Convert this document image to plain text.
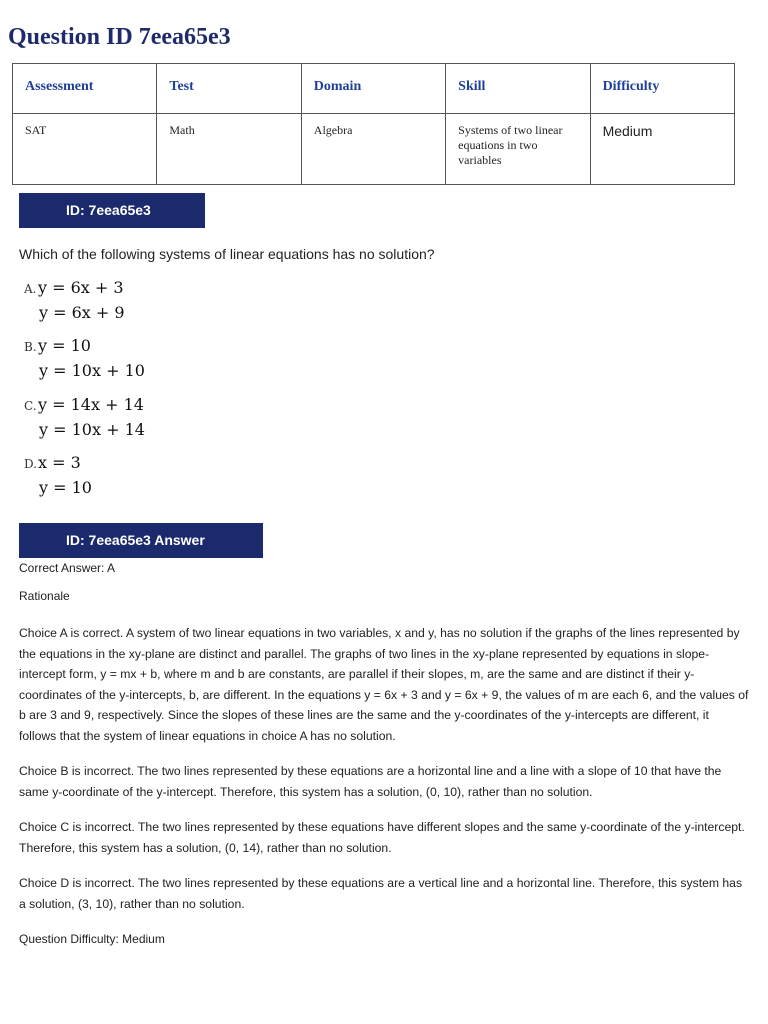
Question ID 7eea65e3
Assessment	Test	Domain	Skill	Difficulty
SAT	Math	Algebra	Systems of two linear equations in two variables	Medium
ID: 7eea65e3
Which of the following systems of linear equations has no solution?
A.y = 6x + 3
y = 6x + 9
B.y = 10
y = 10x + 10
C.y = 14x + 14
y = 10x + 14
D.x = 3
y = 10
ID: 7eea65e3 Answer
Correct Answer: A
Rationale
Choice A is correct. A system of two linear equations in two variables, x and y, has no solution if the graphs of the lines represented by the equations in the xy-plane are distinct and parallel. The graphs of two lines in the xy-plane represented by equations in slope-intercept form, y = mx + b, where m and b are constants, are parallel if their slopes, m, are the same and are distinct if their y-coordinates of the y-intercepts, b, are different. In the equations y = 6x + 3 and y = 6x + 9, the values of m are each 6, and the values of b are 3 and 9, respectively. Since the slopes of these lines are the same and the y-coordinates of the y-intercepts are different, it follows that the system of linear equations in choice A has no solution.
Choice B is incorrect. The two lines represented by these equations are a horizontal line and a line with a slope of 10 that have the same y-coordinate of the y-intercept. Therefore, this system has a solution, (0, 10), rather than no solution.
Choice C is incorrect. The two lines represented by these equations have different slopes and the same y-coordinate of the y-intercept. Therefore, this system has a solution, (0, 14), rather than no solution.
Choice D is incorrect. The two lines represented by these equations are a vertical line and a horizontal line. Therefore, this system has a solution, (3, 10), rather than no solution.
Question Difficulty: Medium
